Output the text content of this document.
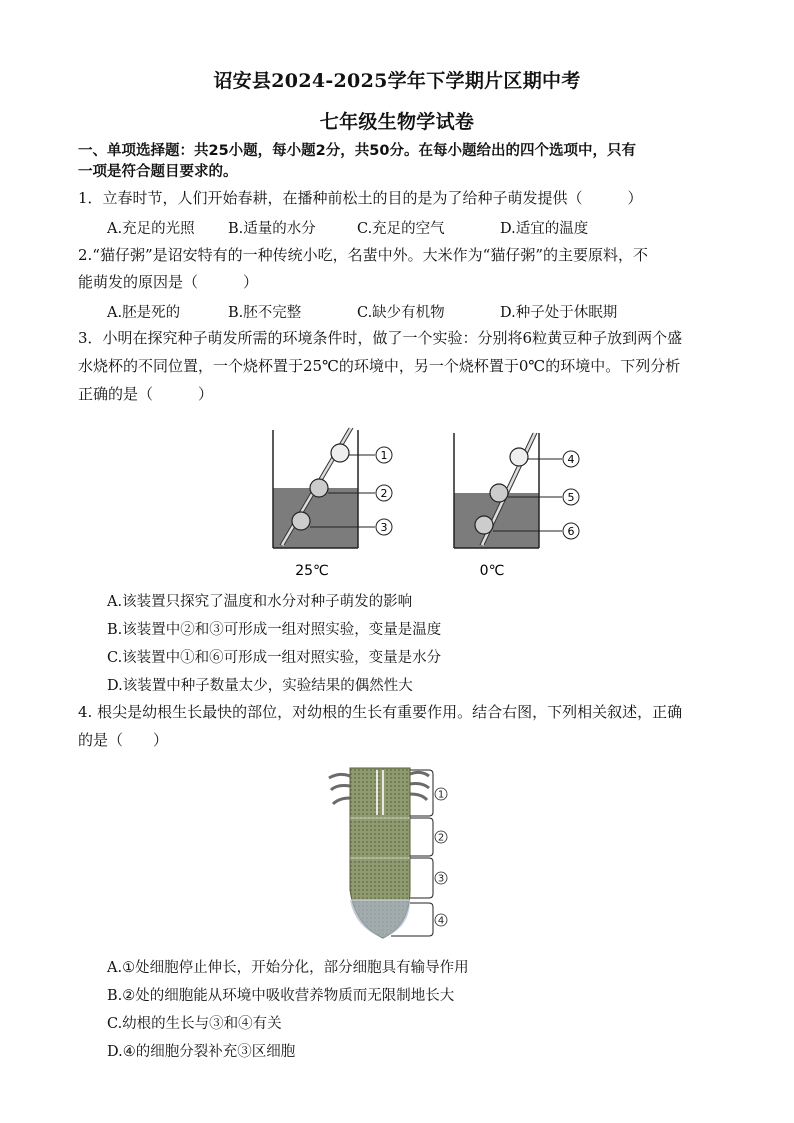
诏安县2024-2025学年下学期片区期中考
七年级生物学试卷
一、单项选择题：共25小题，每小题2分，共50分。在每小题给出的四个选项中，只有
一项是符合题目要求的。
1．立春时节，人们开始春耕，在播种前松土的目的是为了给种子萌发提供（　　　）
A.充足的光照 B.适量的水分	C.充足的空气	D.适宜的温度
2.“猫仔粥”是诏安特有的一种传统小吃，名蜚中外。大米作为“猫仔粥”的主要原料，不
能萌发的原因是（　　　）
A.胚是死的	B.胚不完整	C.缺少有机物	D.种子处于休眠期
3．小明在探究种子萌发所需的环境条件时，做了一个实验：分别将6粒黄豆种子放到两个盛
水烧杯的不同位置，一个烧杯置于25℃的环境中，另一个烧杯置于0℃的环境中。下列分析
正确的是（　　　）
1
2
3
25℃
4
5
6
0℃
A.该装置只探究了温度和水分对种子萌发的影响
B.该装置中②和③可形成一组对照实验，变量是温度
C.该装置中①和⑥可形成一组对照实验，变量是水分
D.该装置中种子数量太少，实验结果的偶然性大
4. 根尖是幼根生长最快的部位，对幼根的生长有重要作用。结合右图，下列相关叙述，正确
的是（　　）
1
2
3
4
A.①处细胞停止伸长，开始分化，部分细胞具有输导作用
B.②处的细胞能从环境中吸收营养物质而无限制地长大
C.幼根的生长与③和④有关
D.④的细胞分裂补充③区细胞
